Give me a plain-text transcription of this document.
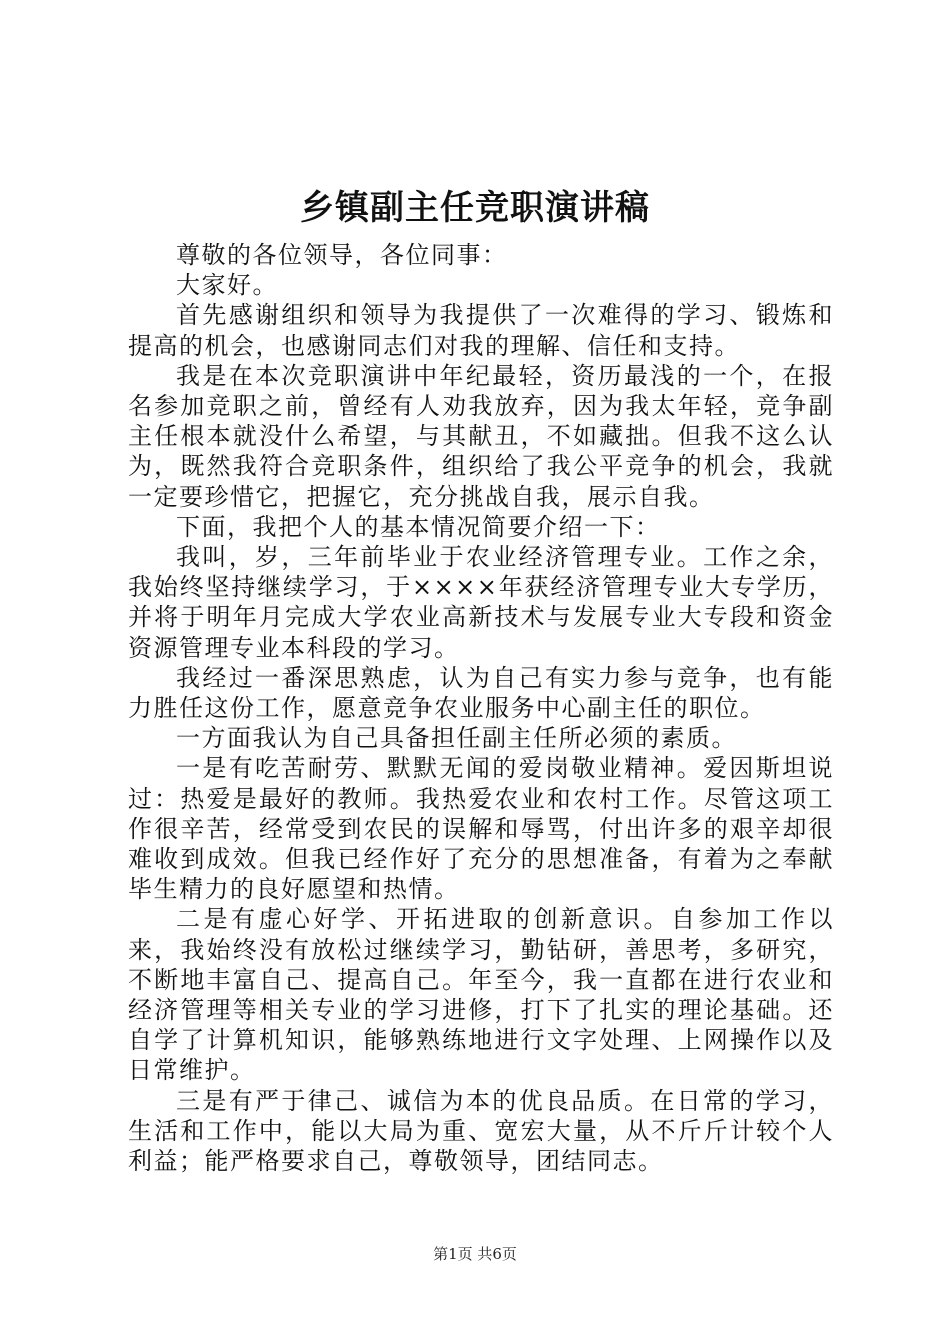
乡镇副主任竞职演讲稿

尊敬的各位领导，各位同事：

大家好。

首先感谢组织和领导为我提供了一次难得的学习、锻炼和提高的机会，也感谢同志们对我的理解、信任和支持。

我是在本次竞职演讲中年纪最轻，资历最浅的一个，在报名参加竞职之前，曾经有人劝我放弃，因为我太年轻，竞争副主任根本就没什么希望，与其献丑，不如藏拙。但我不这么认为，既然我符合竞职条件，组织给了我公平竞争的机会，我就一定要珍惜它，把握它，充分挑战自我，展示自我。

下面，我把个人的基本情况简要介绍一下：

我叫，岁，三年前毕业于农业经济管理专业。工作之余，我始终坚持继续学习，于××××年获经济管理专业大专学历，并将于明年月完成大学农业高新技术与发展专业大专段和资金资源管理专业本科段的学习。

我经过一番深思熟虑，认为自己有实力参与竞争，也有能力胜任这份工作，愿意竞争农业服务中心副主任的职位。

一方面我认为自己具备担任副主任所必须的素质。

一是有吃苦耐劳、默默无闻的爱岗敬业精神。爱因斯坦说过：热爱是最好的教师。我热爱农业和农村工作。尽管这项工作很辛苦，经常受到农民的误解和辱骂，付出许多的艰辛却很难收到成效。但我已经作好了充分的思想准备，有着为之奉献毕生精力的良好愿望和热情。

二是有虚心好学、开拓进取的创新意识。自参加工作以来，我始终没有放松过继续学习，勤钻研，善思考，多研究，不断地丰富自己、提高自己。年至今，我一直都在进行农业和经济管理等相关专业的学习进修，打下了扎实的理论基础。还自学了计算机知识，能够熟练地进行文字处理、上网操作以及日常维护。

三是有严于律己、诚信为本的优良品质。在日常的学习，生活和工作中，能以大局为重、宽宏大量，从不斤斤计较个人利益；能严格要求自己，尊敬领导，团结同志。

第1页 共6页
